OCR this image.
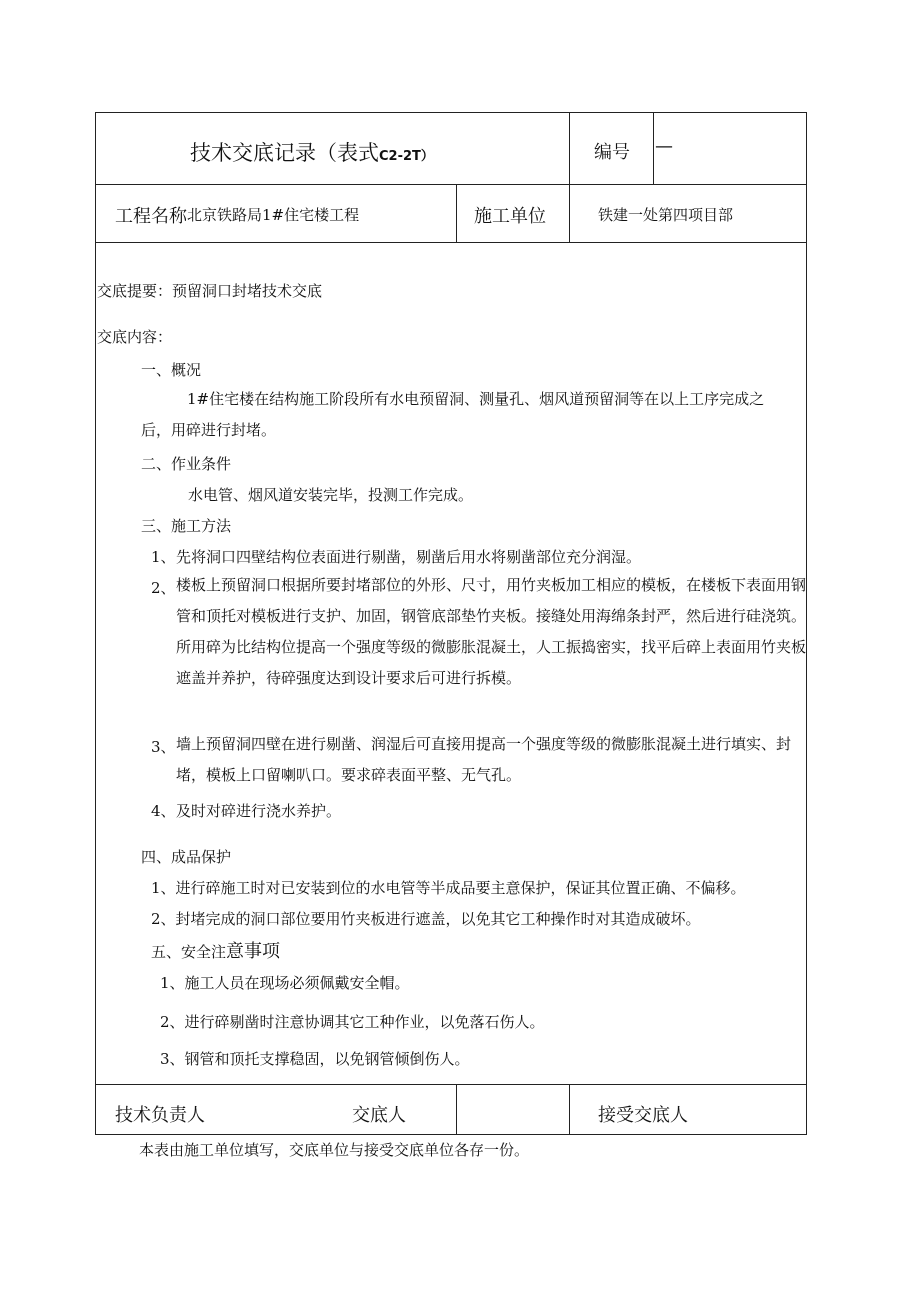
技术交底记录（表式C2-2T）	编号 —
工程名称 北京铁路局1#住宅楼工程	施工单位	铁建一处第四项目部
交底提要：预留洞口封堵技术交底
交底内容：
一、概况
1#住宅楼在结构施工阶段所有水电预留洞、测量孔、烟风道预留洞等在以上工序完成之后，用碎进行封堵。
二、作业条件
水电管、烟风道安装完毕，投测工作完成。
三、施工方法
1、 先将洞口四壁结构位表面进行剔凿，剔凿后用水将剔凿部位充分润湿。
2、 楼板上预留洞口根据所要封堵部位的外形、尺寸，用竹夹板加工相应的模板，在楼板下表面用钢管和顶托对模板进行支护、加固，钢管底部垫竹夹板。接缝处用海绵条封严，然后进行硅浇筑。所用碎为比结构位提高一个强度等级的微膨胀混凝土，人工振捣密实，找平后碎上表面用竹夹板遮盖并养护，待碎强度达到设计要求后可进行拆模。
3、 墙上预留洞四壁在进行剔凿、润湿后可直接用提高一个强度等级的微膨胀混凝土进行填实、封堵，模板上口留喇叭口。要求碎表面平整、无气孔。
4、 及时对碎进行浇水养护。
四、成品保护
1、进行碎施工时对已安装到位的水电管等半成品要主意保护，保证其位置正确、不偏移。
2、封堵完成的洞口部位要用竹夹板进行遮盖，以免其它工种操作时对其造成破坏。
五、安全注意事项
1、施工人员在现场必须佩戴安全帽。
2、进行碎剔凿时注意协调其它工种作业，以免落石伤人。
3、钢管和顶托支撑稳固，以免钢管倾倒伤人。
技术负责人	交底人	接受交底人
本表由施工单位填写，交底单位与接受交底单位各存一份。
